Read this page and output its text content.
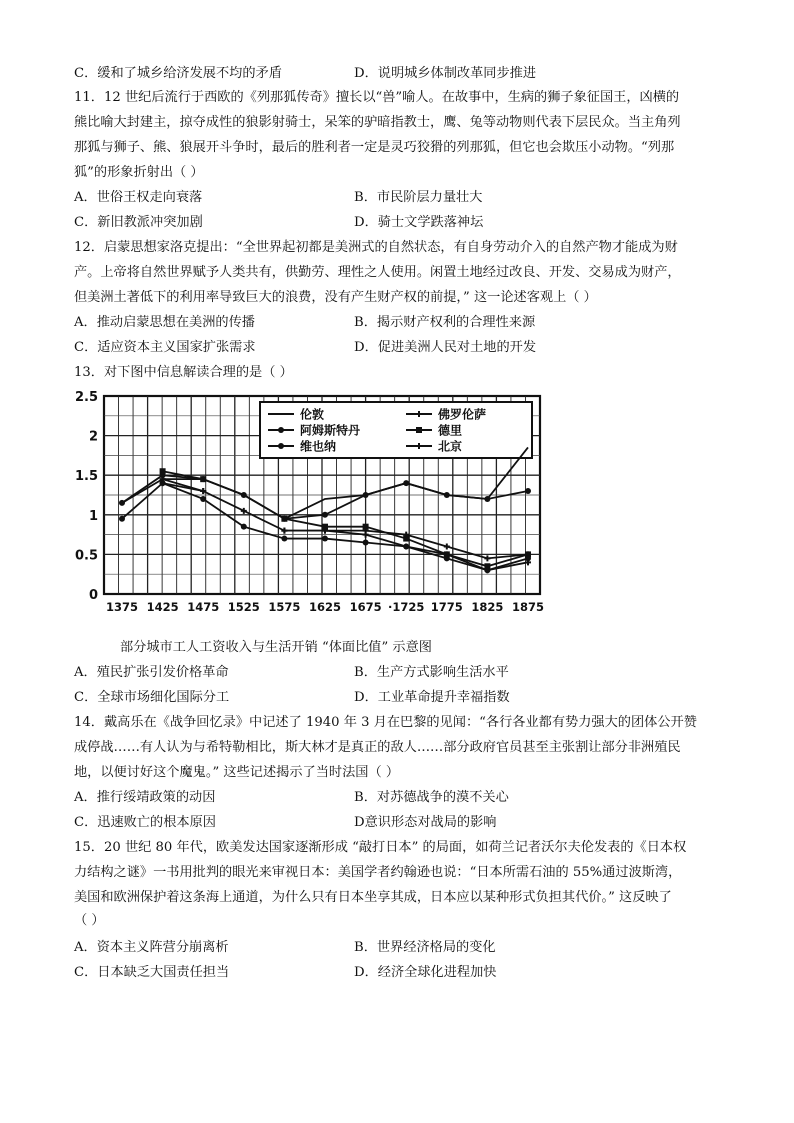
C．缓和了城乡给济发展不均的矛盾	D．说明城乡体制改革同步推进
11．12 世纪后流行于西欧的《列那狐传奇》擅长以“兽”喻人。在故事中，生病的狮子象征国王，凶横的
熊比喻大封建主，掠夺成性的狼影射骑士，呆笨的驴暗指教士，鹰、兔等动物则代表下层民众。当主角列
那狐与狮子、熊、狼展开斗争时，最后的胜利者一定是灵巧狡猾的列那狐，但它也会欺压小动物。“列那
狐”的形象折射出（ ）
A．世俗王权走向衰落	B．市民阶层力量壮大
C．新旧教派冲突加剧	D．骑士文学跌落神坛
12．启蒙思想家洛克提出：“全世界起初都是美洲式的自然状态，有自身劳动介入的自然产物才能成为财
产。上帝将自然世界赋予人类共有，供勤劳、理性之人使用。闲置土地经过改良、开发、交易成为财产，
但美洲土著低下的利用率导致巨大的浪费，没有产生财产权的前提，” 这一论述客观上（ ）
A．推动启蒙思想在美洲的传播	B．揭示财产权利的合理性来源
C．适应资本主义国家扩张需求	D．促进美洲人民对土地的开发
13．对下图中信息解读合理的是（ ）
0
0.5
1
1.5
2
2.5
1375 1425 1475 1525 1575 1625 1675 ·1725 1775 1825 1875
伦敦	佛罗伦萨
阿姆斯特丹	德里
维也纳	北京
部分城市工人工资收入与生活开销 “体面比值” 示意图
A．殖民扩张引发价格革命	B．生产方式影响生活水平
C．全球市场细化国际分工	D．工业革命提升幸福指数
14．戴高乐在《战争回忆录》中记述了 1940 年 3 月在巴黎的见闻：“各行各业都有势力强大的团体公开赞
成停战……有人认为与希特勒相比，斯大林才是真正的敌人……部分政府官员甚至主张割让部分非洲殖民
地，以便讨好这个魔鬼。” 这些记述揭示了当时法国（ ）
A．推行绥靖政策的动因	B．对苏德战争的漠不关心
C．迅速败亡的根本原因	D意识形态对战局的影响
15．20 世纪 80 年代，欧美发达国家逐渐形成 “敲打日本” 的局面，如荷兰记者沃尔夫伦发表的《日本权
力结构之谜》一书用批判的眼光来审视日本：美国学者约翰逊也说：“日本所需石油的 55%通过波斯湾，
美国和欧洲保护着这条海上通道，为什么只有日本坐享其成，日本应以某种形式负担其代价。” 这反映了
（ ）
A．资本主义阵营分崩离析	B．世界经济格局的变化
C．日本缺乏大国责任担当	D．经济全球化进程加快
